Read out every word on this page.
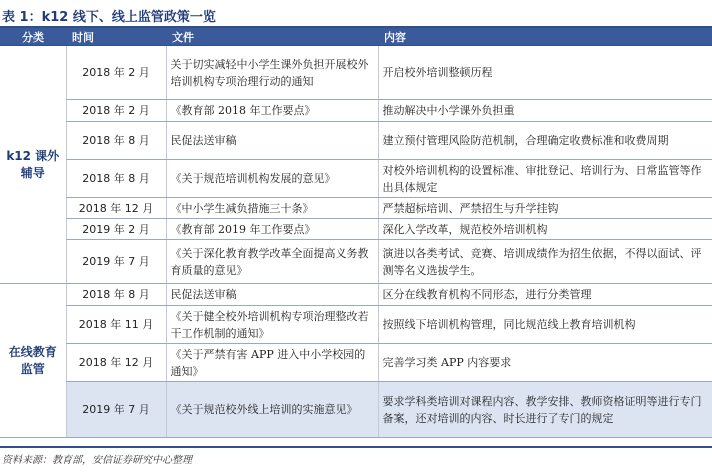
表 1：k12 线下、线上监管政策一览
分类	时间	文件	内容
k12 课外辅导	2018 年 2 月	关于切实减轻中小学生课外负担开展校外培训机构专项治理行动的通知	开启校外培训整顿历程
	2018 年 2 月	《教育部 2018 年工作要点》	推动解决中小学课外负担重
	2018 年 8 月	民促法送审稿	建立预付管理风险防范机制，合理确定收费标准和收费周期
	2018 年 8 月	《关于规范培训机构发展的意见》	对校外培训机构的设置标准、审批登记、培训行为、日常监管等作出具体规定
	2018 年 12 月	《中小学生减负措施三十条》	严禁超标培训、严禁招生与升学挂钩
	2019 年 2 月	《教育部 2019 年工作要点》	深化入学改革，规范校外培训机构
	2019 年 7 月	《关于深化教育教学改革全面提高义务教育质量的意见》	演进以各类考试、竞赛、培训成绩作为招生依据，不得以面试、评测等名义选拔学生。
在线教育监管	2018 年 8 月	民促法送审稿	区分在线教育机构不同形态，进行分类管理
	2018 年 11 月	《关于健全校外培训机构专项治理整改若干工作机制的通知》	按照线下培训机构管理，同比规范线上教育培训机构
	2018 年 12 月	《关于严禁有害 APP 进入中小学校园的通知》	完善学习类 APP 内容要求
	2019 年 7 月	《关于规范校外线上培训的实施意见》	要求学科类培训对课程内容、教学安排、教师资格证明等进行专门备案，还对培训的内容、时长进行了专门的规定
资料来源：教育部，安信证券研究中心整理
